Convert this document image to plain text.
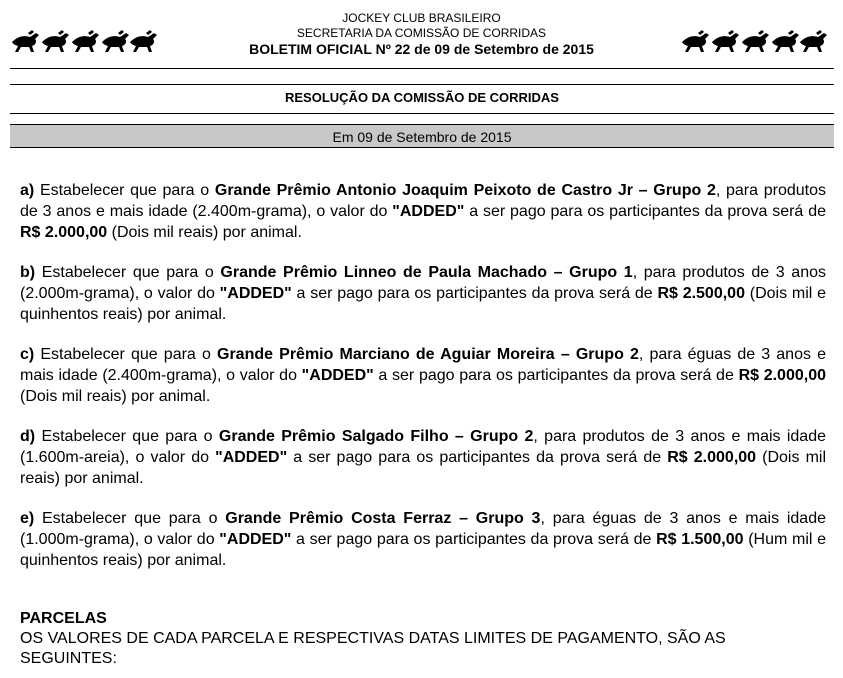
JOCKEY CLUB BRASILEIRO
SECRETARIA DA COMISSÃO DE CORRIDAS
BOLETIM OFICIAL Nº 22 de 09 de Setembro de 2015
RESOLUÇÃO DA COMISSÃO DE CORRIDAS
Em 09 de Setembro de 2015

a) Estabelecer que para o Grande Prêmio Antonio Joaquim Peixoto de Castro Jr – Grupo 2, para produtos de 3 anos e mais idade (2.400m-grama), o valor do "ADDED" a ser pago para os participantes da prova será de R$ 2.000,00 (Dois mil reais) por animal.

b) Estabelecer que para o Grande Prêmio Linneo de Paula Machado – Grupo 1, para produtos de 3 anos (2.000m-grama), o valor do "ADDED" a ser pago para os participantes da prova será de R$ 2.500,00 (Dois mil e quinhentos reais) por animal.

c) Estabelecer que para o Grande Prêmio Marciano de Aguiar Moreira – Grupo 2, para éguas de 3 anos e mais idade (2.400m-grama), o valor do "ADDED" a ser pago para os participantes da prova será de R$ 2.000,00 (Dois mil reais) por animal.

d) Estabelecer que para o Grande Prêmio Salgado Filho – Grupo 2, para produtos de 3 anos e mais idade (1.600m-areia), o valor do "ADDED" a ser pago para os participantes da prova será de R$ 2.000,00 (Dois mil reais) por animal.

e) Estabelecer que para o Grande Prêmio Costa Ferraz – Grupo 3, para éguas de 3 anos e mais idade (1.000m-grama), o valor do "ADDED" a ser pago para os participantes da prova será de R$ 1.500,00 (Hum mil e quinhentos reais) por animal.

PARCELAS
OS VALORES DE CADA PARCELA E RESPECTIVAS DATAS LIMITES DE PAGAMENTO, SÃO AS SEGUINTES:
